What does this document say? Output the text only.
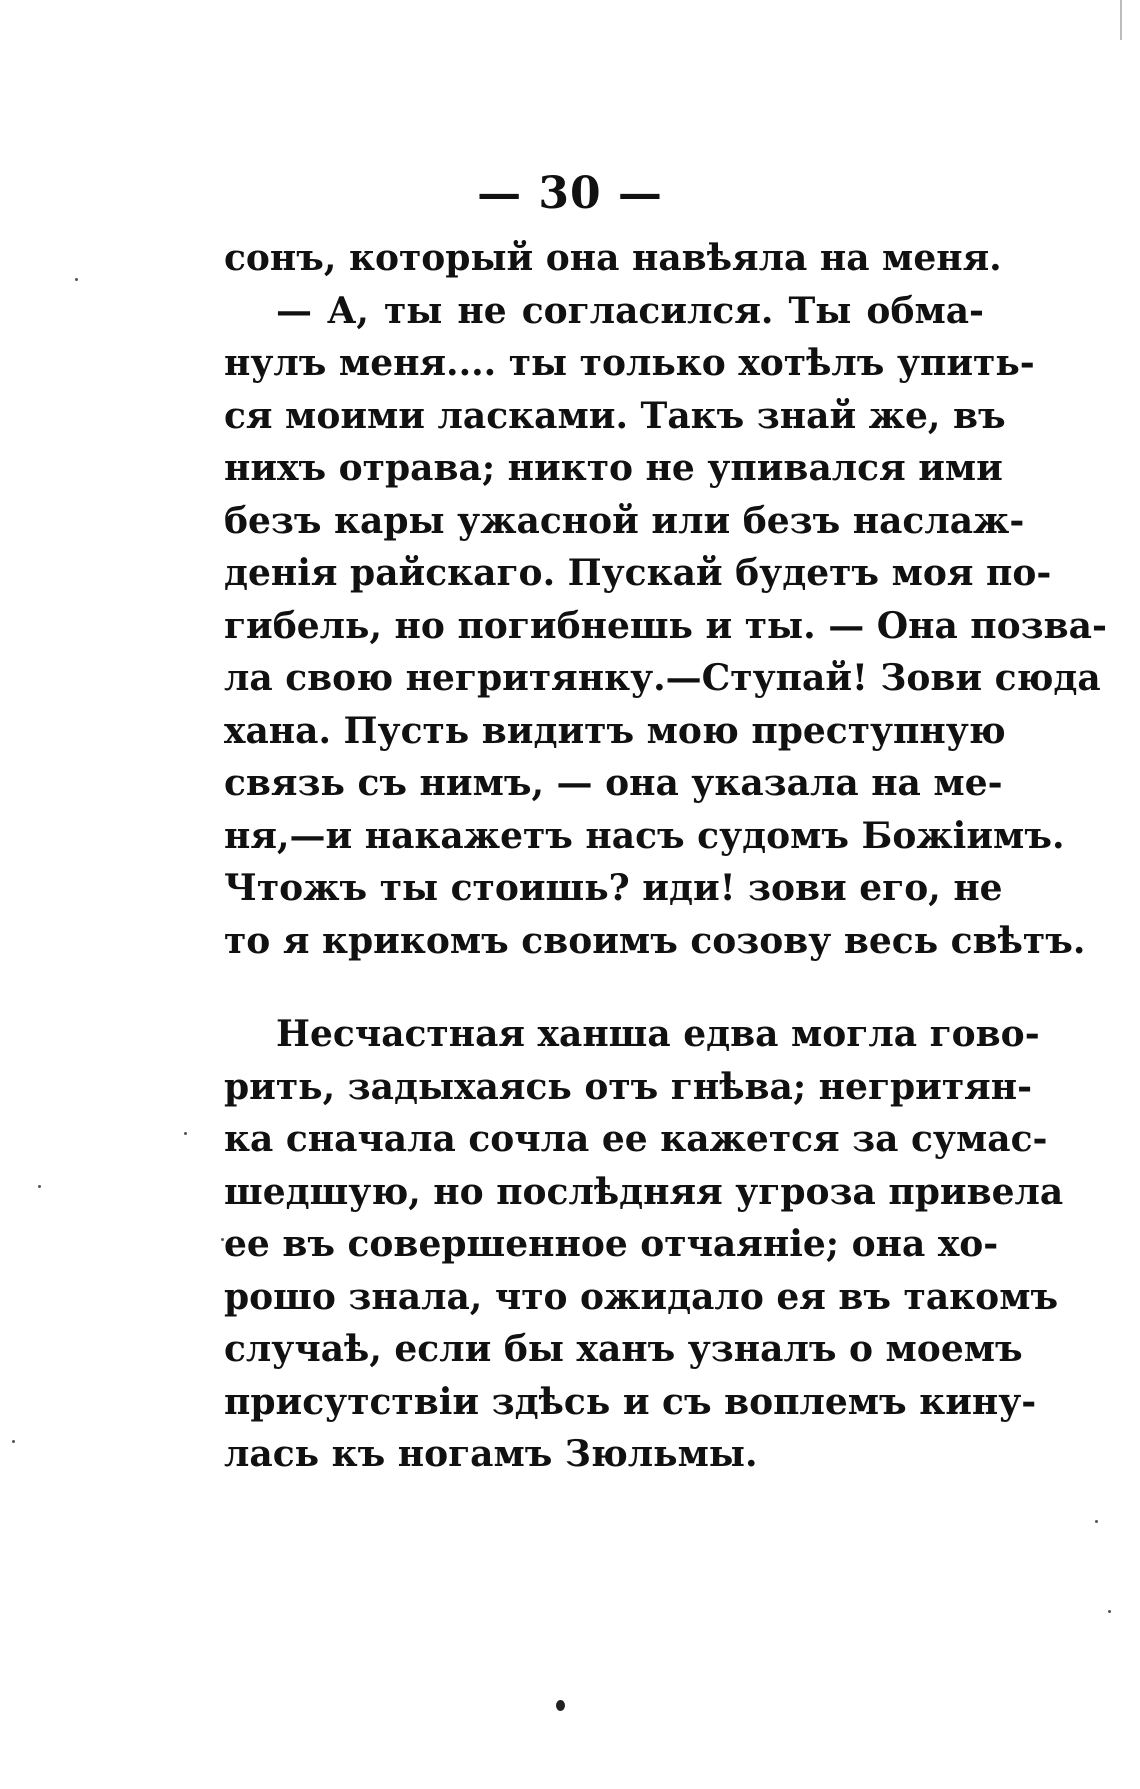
— 30 —
сонъ, который она навѣяла на меня.
— А, ты не согласился. Ты обма-
нулъ меня.... ты только хотѣлъ упить-
ся моими ласками. Такъ знай же, въ
нихъ отрава; никто не упивался ими
безъ кары ужасной или безъ наслаж-
денія райскаго. Пускай будетъ моя по-
гибель, но погибнешь и ты. — Она позва-
ла свою негритянку.—Ступай! Зови сюда
хана. Пусть видитъ мою преступную
связь съ нимъ, — она указала на ме-
ня,—и накажетъ насъ судомъ Божіимъ.
Чтожъ ты стоишь? иди! зови его, не
то я крикомъ своимъ созову весь свѣтъ.
Несчастная ханша едва могла гово-
рить, задыхаясь отъ гнѣва; негритян-
ка сначала сочла ее кажется за сумас-
шедшую, но послѣдняя угроза привела
ее въ совершенное отчаяніе; она хо-
рошо знала, что ожидало ея въ такомъ
случаѣ, если бы ханъ узналъ о моемъ
присутствіи здѣсь и съ воплемъ кину-
лась къ ногамъ Зюльмы.
